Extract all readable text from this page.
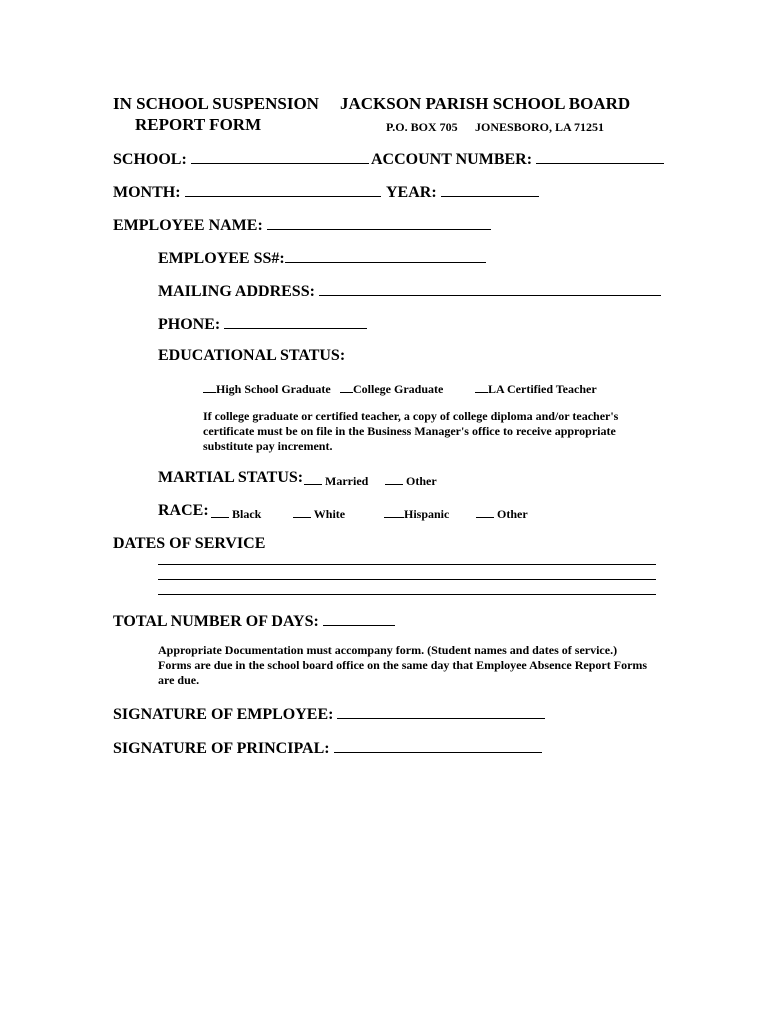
IN SCHOOL SUSPENSION
REPORT FORM
JACKSON PARISH SCHOOL BOARD
P.O. BOX 705 JONESBORO, LA 71251
SCHOOL:	ACCOUNT NUMBER:
MONTH:	YEAR:
EMPLOYEE NAME:
EMPLOYEE SS#:
MAILING ADDRESS:
PHONE:
EDUCATIONAL STATUS:
High School Graduate	College Graduate	LA Certified Teacher
If college graduate or certified teacher, a copy of college diploma and/or teacher's certificate must be on file in the Business Manager's office to receive appropriate substitute pay increment.
MARTIAL STATUS:	Married	Other
RACE:	Black	White	Hispanic	Other
DATES OF SERVICE
TOTAL NUMBER OF DAYS:
Appropriate Documentation must accompany form. (Student names and dates of service.) Forms are due in the school board office on the same day that Employee Absence Report Forms are due.
SIGNATURE OF EMPLOYEE:
SIGNATURE OF PRINCIPAL:
